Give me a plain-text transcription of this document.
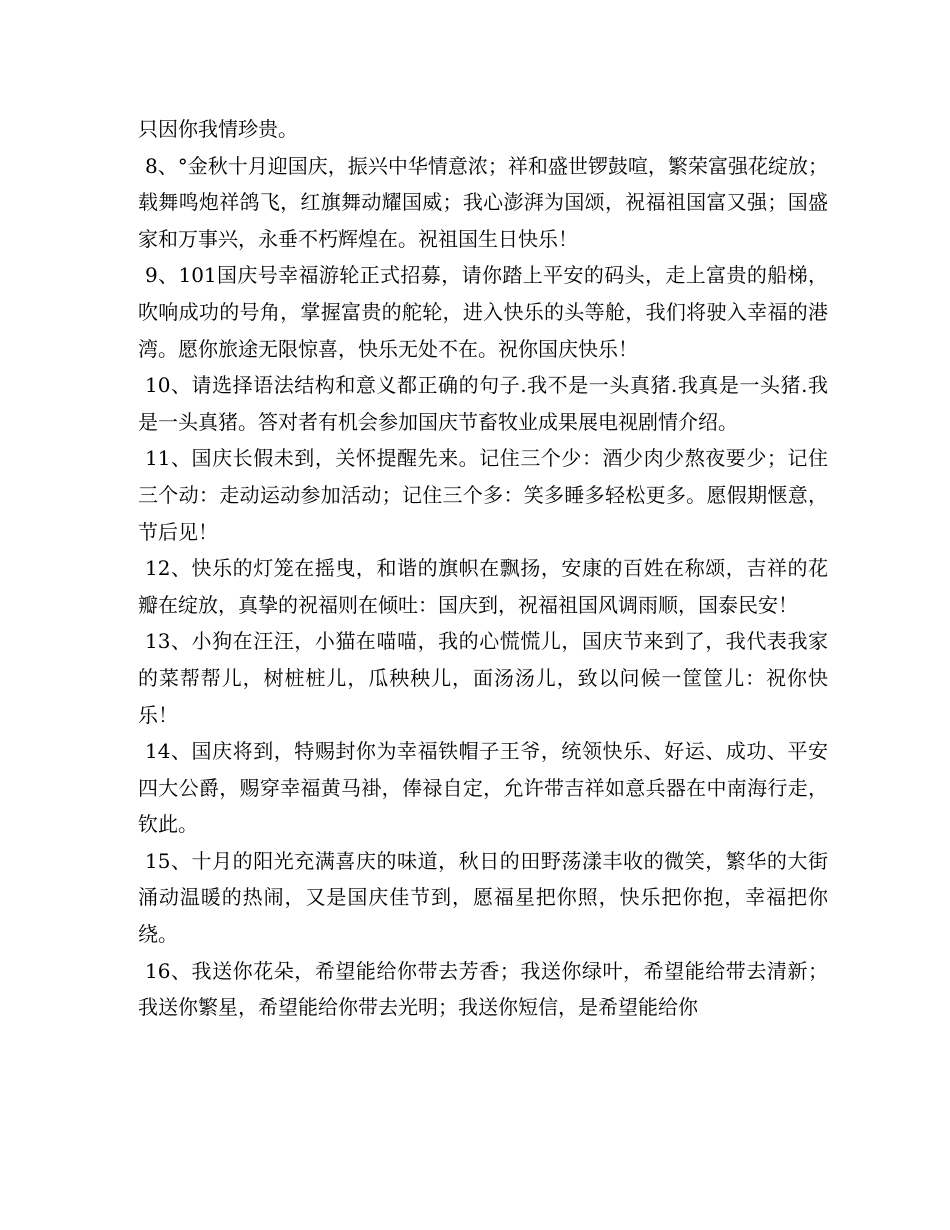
只因你我情珍贵。

8、°金秋十月迎国庆，振兴中华情意浓；祥和盛世锣鼓喧，繁荣富强花绽放；载舞鸣炮祥鸽飞，红旗舞动耀国威；我心澎湃为国颂，祝福祖国富又强；国盛家和万事兴，永垂不朽辉煌在。祝祖国生日快乐！

9、101国庆号幸福游轮正式招募，请你踏上平安的码头，走上富贵的船梯，吹响成功的号角，掌握富贵的舵轮，进入快乐的头等舱，我们将驶入幸福的港湾。愿你旅途无限惊喜，快乐无处不在。祝你国庆快乐！

10、请选择语法结构和意义都正确的句子.我不是一头真猪.我真是一头猪.我是一头真猪。答对者有机会参加国庆节畜牧业成果展电视剧情介绍。

11、国庆长假未到，关怀提醒先来。记住三个少：酒少肉少熬夜要少；记住三个动：走动运动参加活动；记住三个多：笑多睡多轻松更多。愿假期惬意，节后见！

12、快乐的灯笼在摇曳，和谐的旗帜在飘扬，安康的百姓在称颂，吉祥的花瓣在绽放，真挚的祝福则在倾吐：国庆到，祝福祖国风调雨顺，国泰民安！

13、小狗在汪汪，小猫在喵喵，我的心慌慌儿，国庆节来到了，我代表我家的菜帮帮儿，树桩桩儿，瓜秧秧儿，面汤汤儿，致以问候一筐筐儿：祝你快乐！

14、国庆将到，特赐封你为幸福铁帽子王爷，统领快乐、好运、成功、平安四大公爵，赐穿幸福黄马褂，俸禄自定，允许带吉祥如意兵器在中南海行走，钦此。

15、十月的阳光充满喜庆的味道，秋日的田野荡漾丰收的微笑，繁华的大街涌动温暖的热闹，又是国庆佳节到，愿福星把你照，快乐把你抱，幸福把你绕。

16、我送你花朵，希望能给你带去芳香；我送你绿叶，希望能给带去清新；我送你繁星，希望能给你带去光明；我送你短信，是希望能给你
